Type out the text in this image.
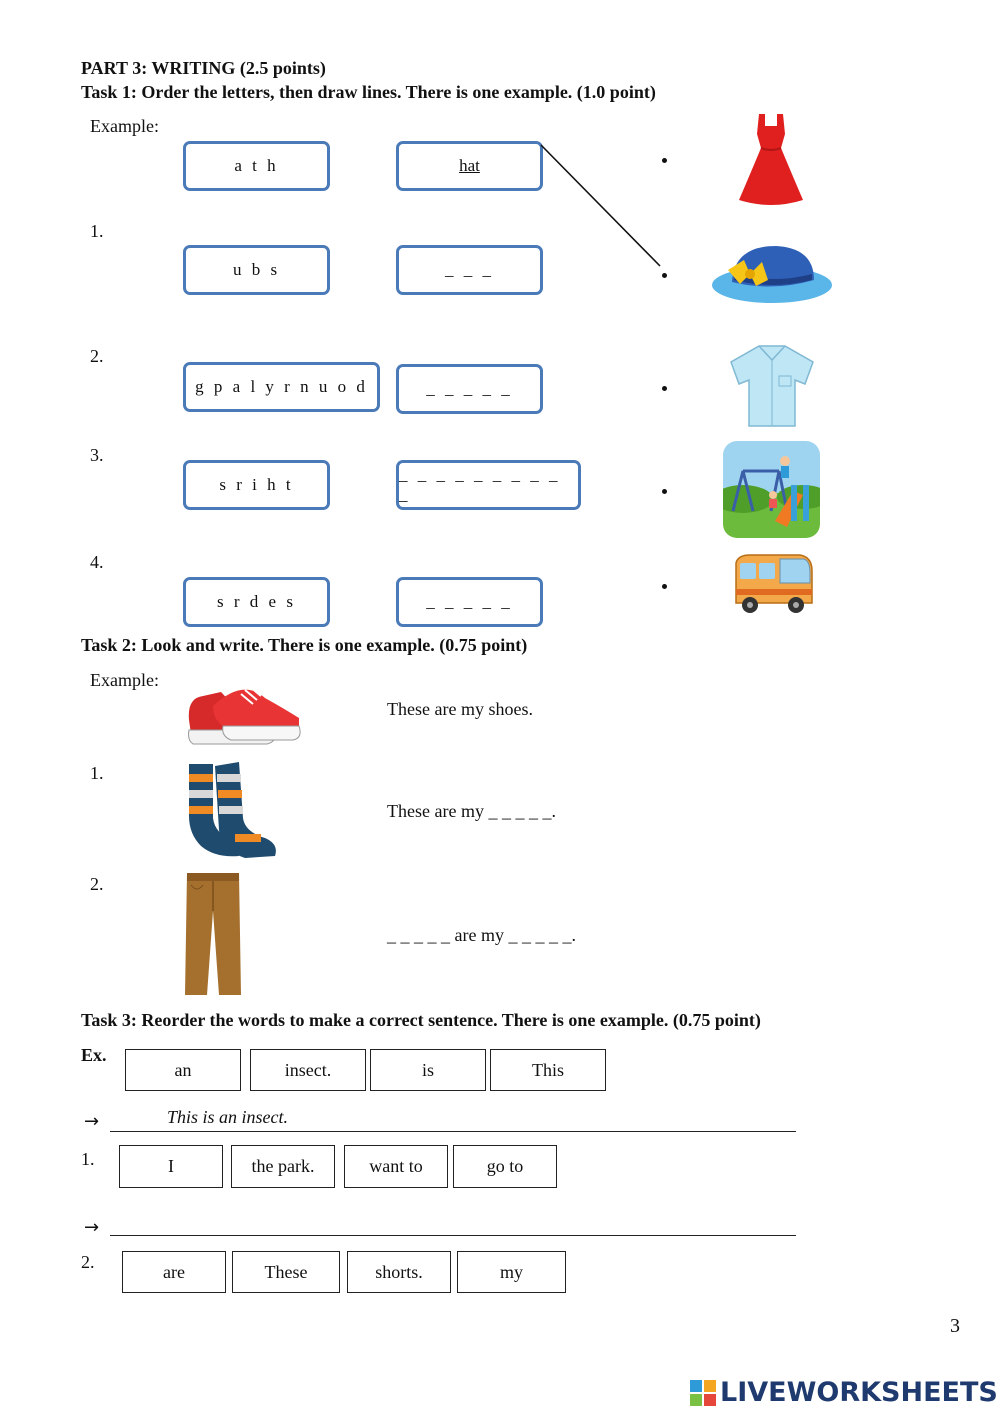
PART 3: WRITING (2.5 points)
Task 1: Order the letters, then draw lines. There is one example. (1.0 point)
Example:
a t h	hat
1.
u b s	_ _ _
2.
g p a l y r n u o d	_ _ _ _ _
3.
s r i h t
_ _ _ _ _ _ _ _ _ _
4.
s r d e s	_ _ _ _ _
Task 2: Look and write. There is one example. (0.75 point)
Example:
These are my shoes.
1.
These are my _ _ _ _ _.
2.
_ _ _ _ _ are my _ _ _ _ _.
Task 3: Reorder the words to make a correct sentence. There is one example. (0.75 point)
Ex.
an	insect.	is	This
→	This is an insect.
1.	I	the park.	want to	go to
→
2.	are	These	shorts.	my
3
LIVEWORKSHEETS
